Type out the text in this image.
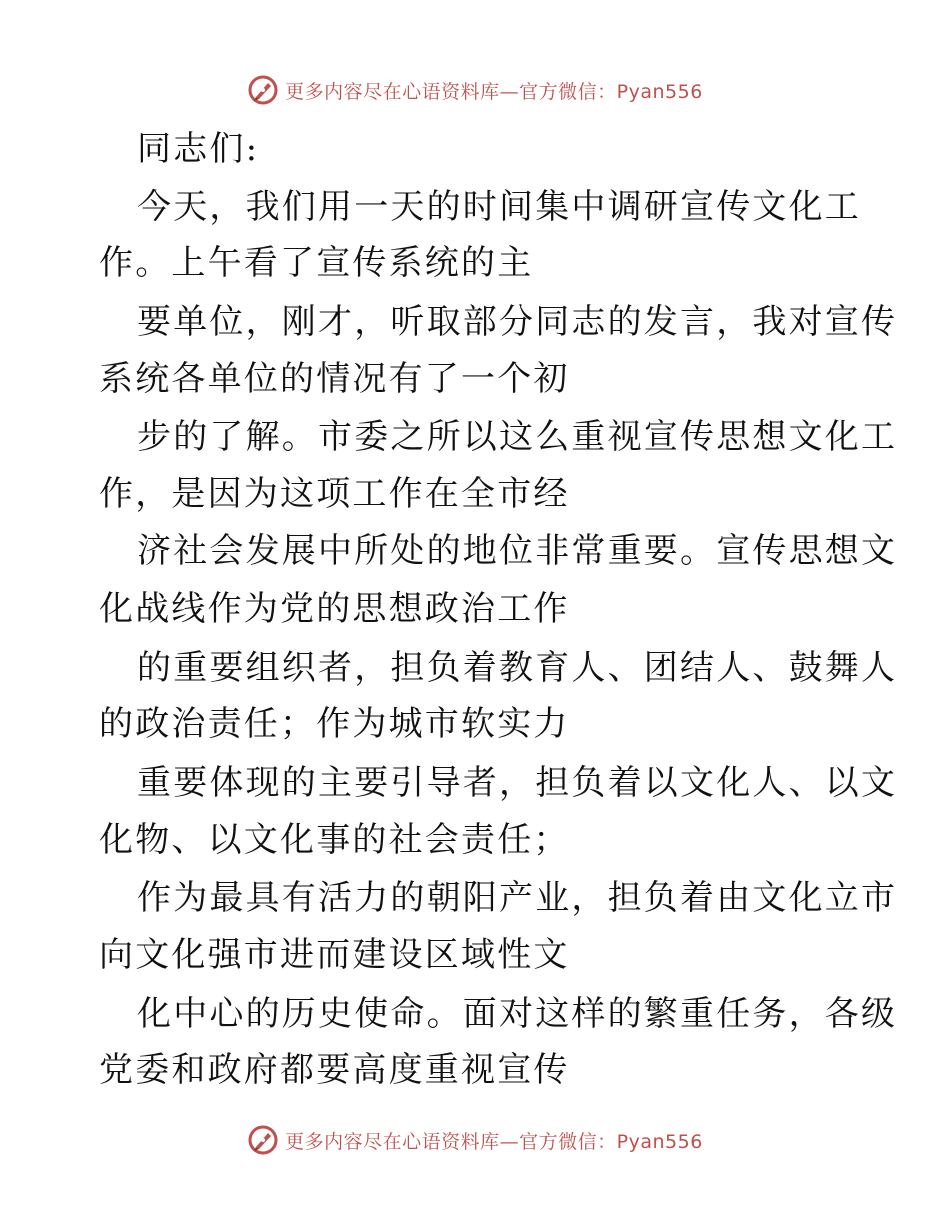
更多内容尽在心语资料库—官方微信：Pyan556
同志们:
今天，我们用一天的时间集中调研宣传文化工
作。上午看了宣传系统的主
要单位，刚才，听取部分同志的发言，我对宣传
系统各单位的情况有了一个初
步的了解。市委之所以这么重视宣传思想文化工
作，是因为这项工作在全市经
济社会发展中所处的地位非常重要。宣传思想文
化战线作为党的思想政治工作
的重要组织者，担负着教育人、团结人、鼓舞人
的政治责任；作为城市软实力
重要体现的主要引导者，担负着以文化人、以文
化物、以文化事的社会责任；
作为最具有活力的朝阳产业，担负着由文化立市
向文化强市进而建设区域性文
化中心的历史使命。面对这样的繁重任务，各级
党委和政府都要高度重视宣传
更多内容尽在心语资料库—官方微信：Pyan556
